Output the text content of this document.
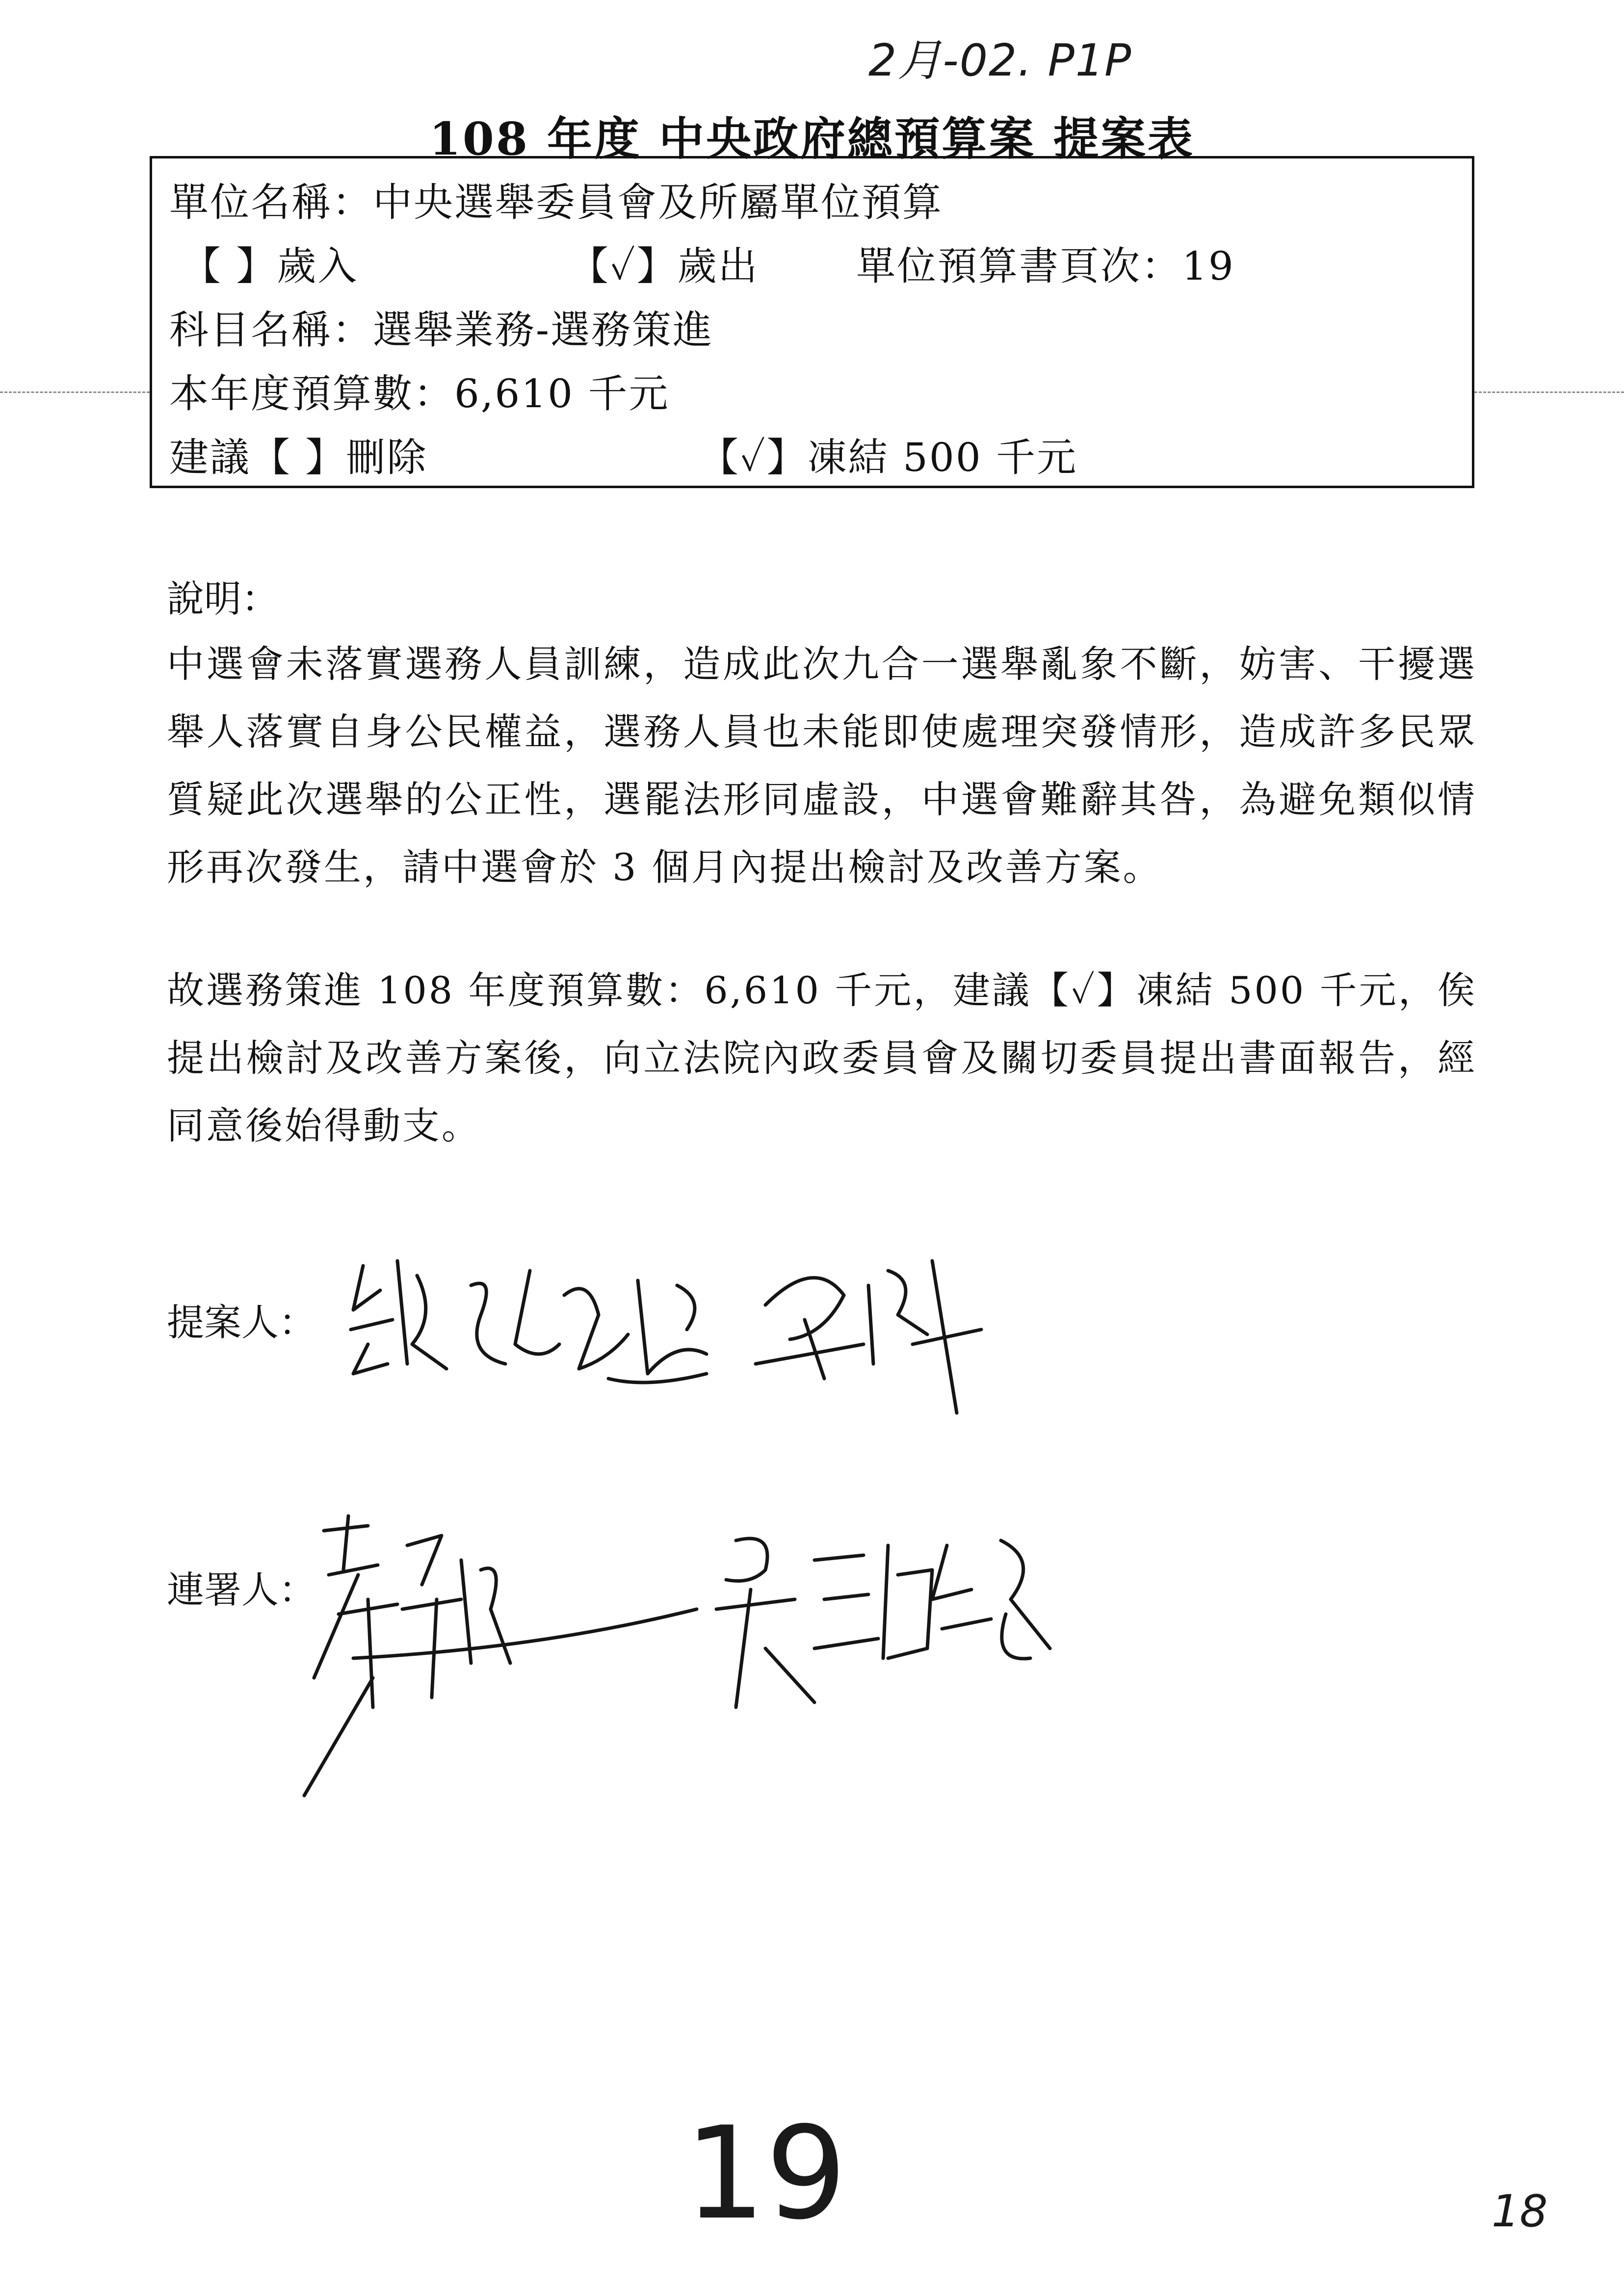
2月-02. P1P
108 年度 中央政府總預算案 提案表
單位名稱：中央選舉委員會及所屬單位預算
【 】歲入	【✓】歲出 單位預算書頁次：19
科目名稱：選舉業務-選務策進
本年度預算數：6,610 千元
建議【 】刪除	【✓】凍結 500 千元
說明：
中選會未落實選務人員訓練，造成此次九合一選舉亂象不斷，妨害、干擾選舉人落實自身公民權益，選務人員也未能即使處理突發情形，造成許多民眾質疑此次選舉的公正性，選罷法形同虛設，中選會難辭其咎，為避免類似情形再次發生，請中選會於 3 個月內提出檢討及改善方案。
故選務策進 108 年度預算數：6,610 千元，建議【✓】凍結 500 千元，俟提出檢討及改善方案後，向立法院內政委員會及關切委員提出書面報告，經同意後始得動支。
提案人：
連署人：
19	18
